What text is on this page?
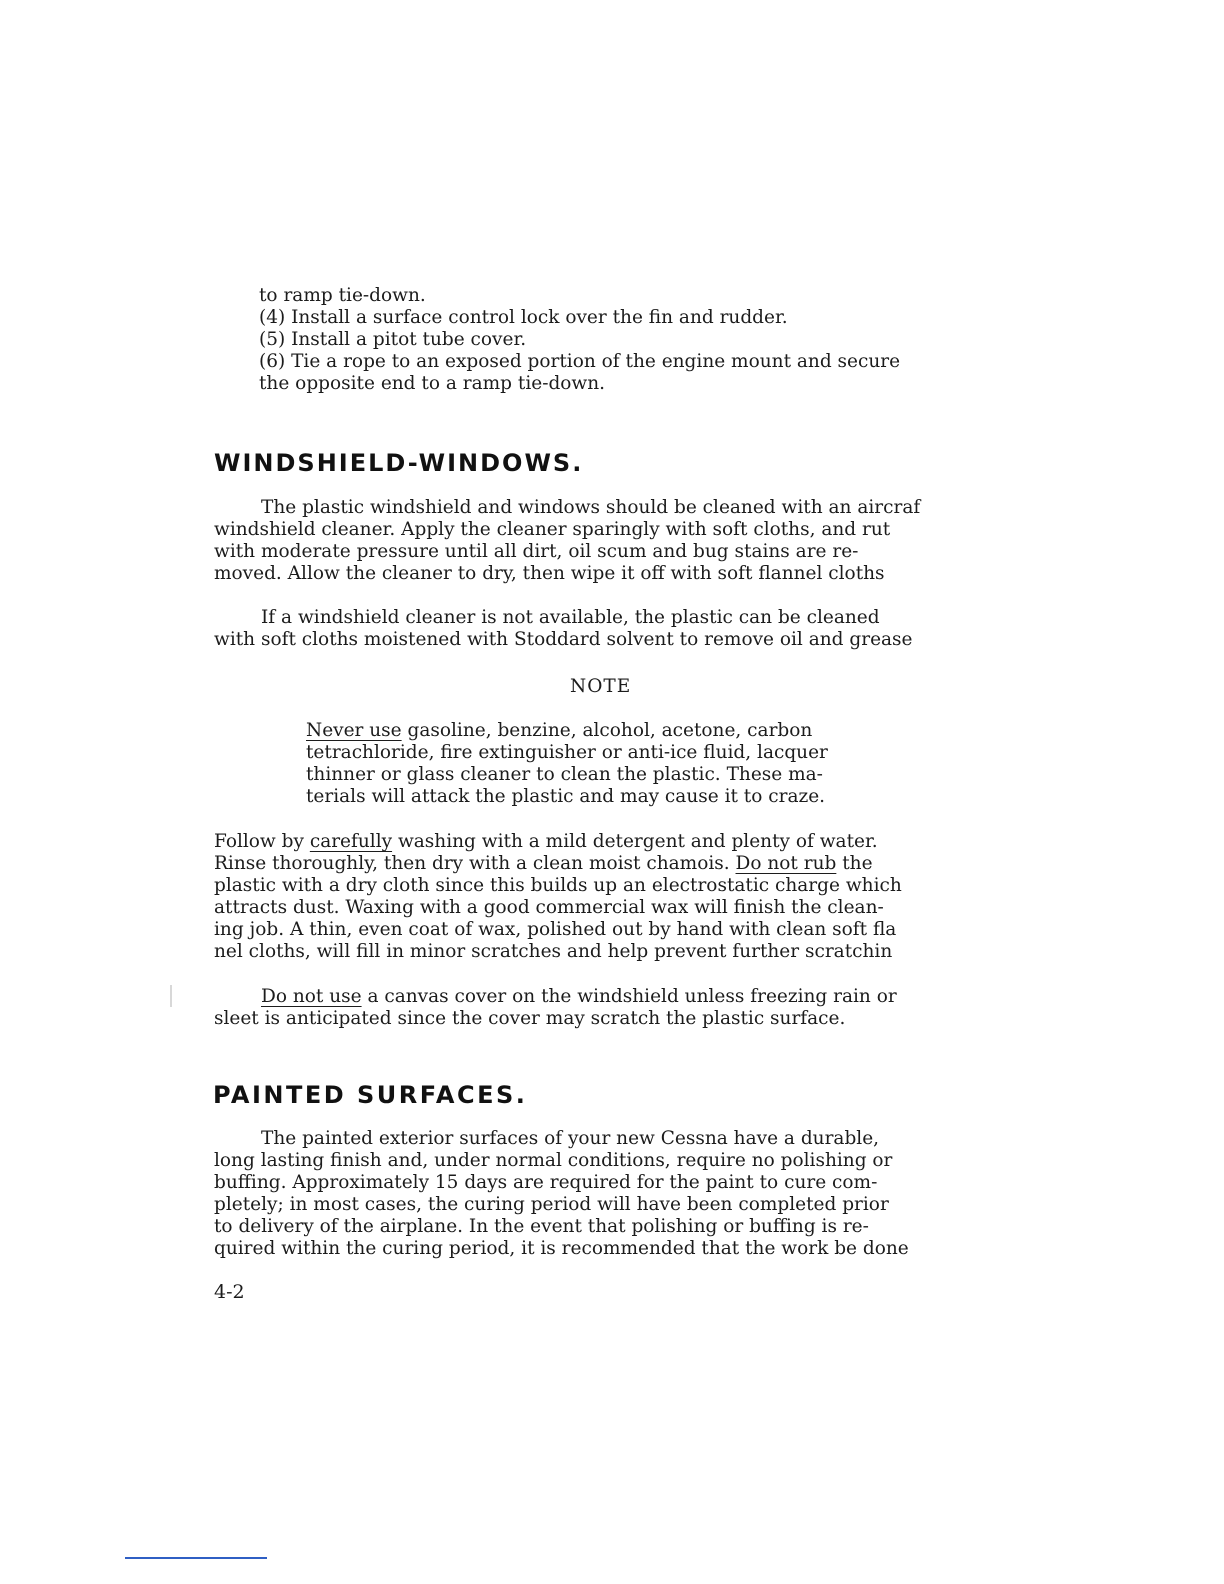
to ramp tie-down.

(4) Install a surface control lock over the fin and rudder.

(5) Install a pitot tube cover.

(6) Tie a rope to an exposed portion of the engine mount and secure

the opposite end to a ramp tie-down.

WINDSHIELD-WINDOWS.

The plastic windshield and windows should be cleaned with an aircraf

windshield cleaner. Apply the cleaner sparingly with soft cloths, and rut

with moderate pressure until all dirt, oil scum and bug stains are re-

moved. Allow the cleaner to dry, then wipe it off with soft flannel cloths

If a windshield cleaner is not available, the plastic can be cleaned

with soft cloths moistened with Stoddard solvent to remove oil and grease

NOTE

Never use gasoline, benzine, alcohol, acetone, carbon

tetrachloride, fire extinguisher or anti-ice fluid, lacquer

thinner or glass cleaner to clean the plastic. These ma-

terials will attack the plastic and may cause it to craze.

Follow by carefully washing with a mild detergent and plenty of water.

Rinse thoroughly, then dry with a clean moist chamois. Do not rub the

plastic with a dry cloth since this builds up an electrostatic charge which

attracts dust. Waxing with a good commercial wax will finish the clean-

ing job. A thin, even coat of wax, polished out by hand with clean soft fla

nel cloths, will fill in minor scratches and help prevent further scratchin

Do not use a canvas cover on the windshield unless freezing rain or

sleet is anticipated since the cover may scratch the plastic surface.

PAINTED SURFACES.

The painted exterior surfaces of your new Cessna have a durable,

long lasting finish and, under normal conditions, require no polishing or

buffing. Approximately 15 days are required for the paint to cure com-

pletely; in most cases, the curing period will have been completed prior

to delivery of the airplane. In the event that polishing or buffing is re-

quired within the curing period, it is recommended that the work be done

4-2
